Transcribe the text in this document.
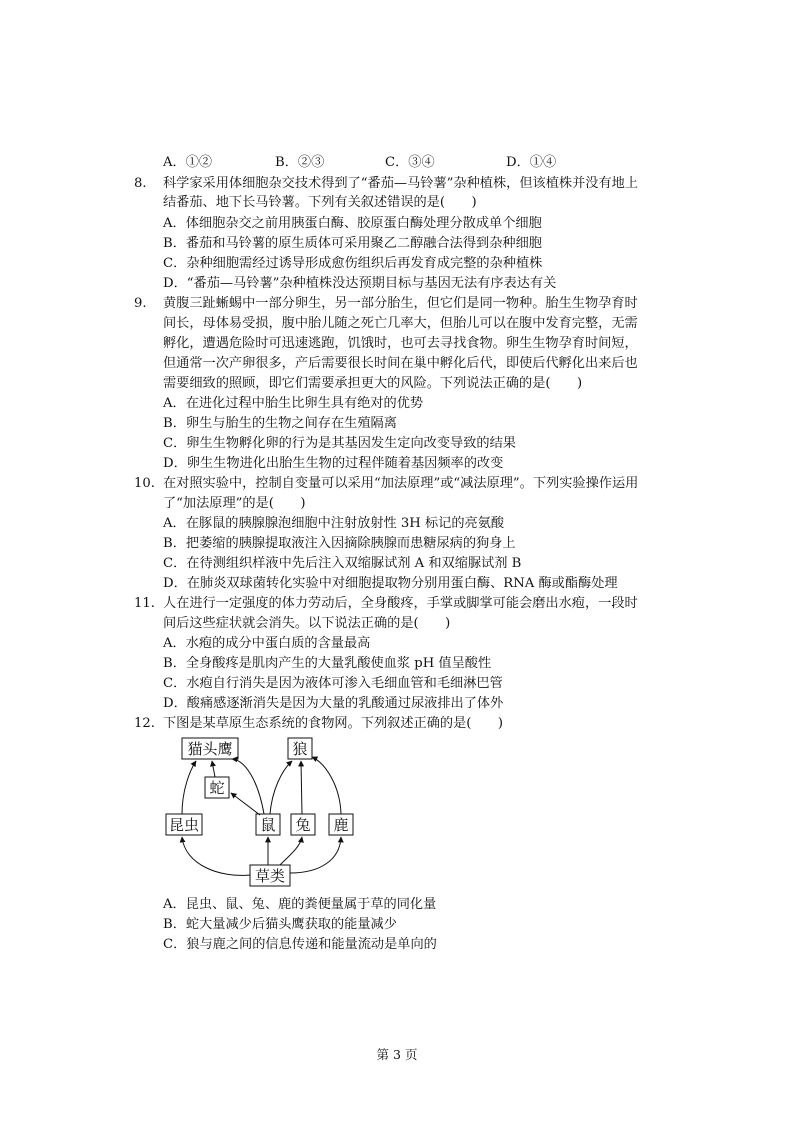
A．①②	B．②③	C．③④	D．①④
8. 科学家采用体细胞杂交技术得到了“番茄—马铃薯”杂种植株，但该植株并没有地上
结番茄、地下长马铃薯。下列有关叙述错误的是(　　)
A．体细胞杂交之前用胰蛋白酶、胶原蛋白酶处理分散成单个细胞
B．番茄和马铃薯的原生质体可采用聚乙二醇融合法得到杂种细胞
C．杂种细胞需经过诱导形成愈伤组织后再发育成完整的杂种植株
D．“番茄—马铃薯”杂种植株没达预期目标与基因无法有序表达有关
9. 黄腹三趾蜥蜴中一部分卵生，另一部分胎生，但它们是同一物种。胎生生物孕育时
间长，母体易受损，腹中胎儿随之死亡几率大，但胎儿可以在腹中发育完整，无需
孵化，遭遇危险时可迅速逃跑，饥饿时，也可去寻找食物。卵生生物孕育时间短，
但通常一次产卵很多，产后需要很长时间在巢中孵化后代，即使后代孵化出来后也
需要细致的照顾，即它们需要承担更大的风险。下列说法正确的是(　　)
A．在进化过程中胎生比卵生具有绝对的优势
B．卵生与胎生的生物之间存在生殖隔离
C．卵生生物孵化卵的行为是其基因发生定向改变导致的结果
D．卵生生物进化出胎生生物的过程伴随着基因频率的改变
10. 在对照实验中，控制自变量可以采用“加法原理”或“减法原理”。下列实验操作运用
了“加法原理”的是(　　)
A．在豚鼠的胰腺腺泡细胞中注射放射性 3H 标记的亮氨酸
B．把萎缩的胰腺提取液注入因摘除胰腺而患糖尿病的狗身上
C．在待测组织样液中先后注入双缩脲试剂 A 和双缩脲试剂 B
D．在肺炎双球菌转化实验中对细胞提取物分别用蛋白酶、RNA 酶或酯酶处理
11. 人在进行一定强度的体力劳动后，全身酸疼，手掌或脚掌可能会磨出水疱，一段时
间后这些症状就会消失。以下说法正确的是(　　)
A．水疱的成分中蛋白质的含量最高
B．全身酸疼是肌肉产生的大量乳酸使血浆 pH 值呈酸性
C．水疱自行消失是因为液体可渗入毛细血管和毛细淋巴管
D．酸痛感逐渐消失是因为大量的乳酸通过尿液排出了体外
12. 下图是某草原生态系统的食物网。下列叙述正确的是(　　)
猫头鹰	狼
蛇
昆虫	鼠 兔 鹿
草类
A．昆虫、鼠、兔、鹿的粪便量属于草的同化量
B．蛇大量减少后猫头鹰获取的能量减少
C．狼与鹿之间的信息传递和能量流动是单向的
第 3 页
